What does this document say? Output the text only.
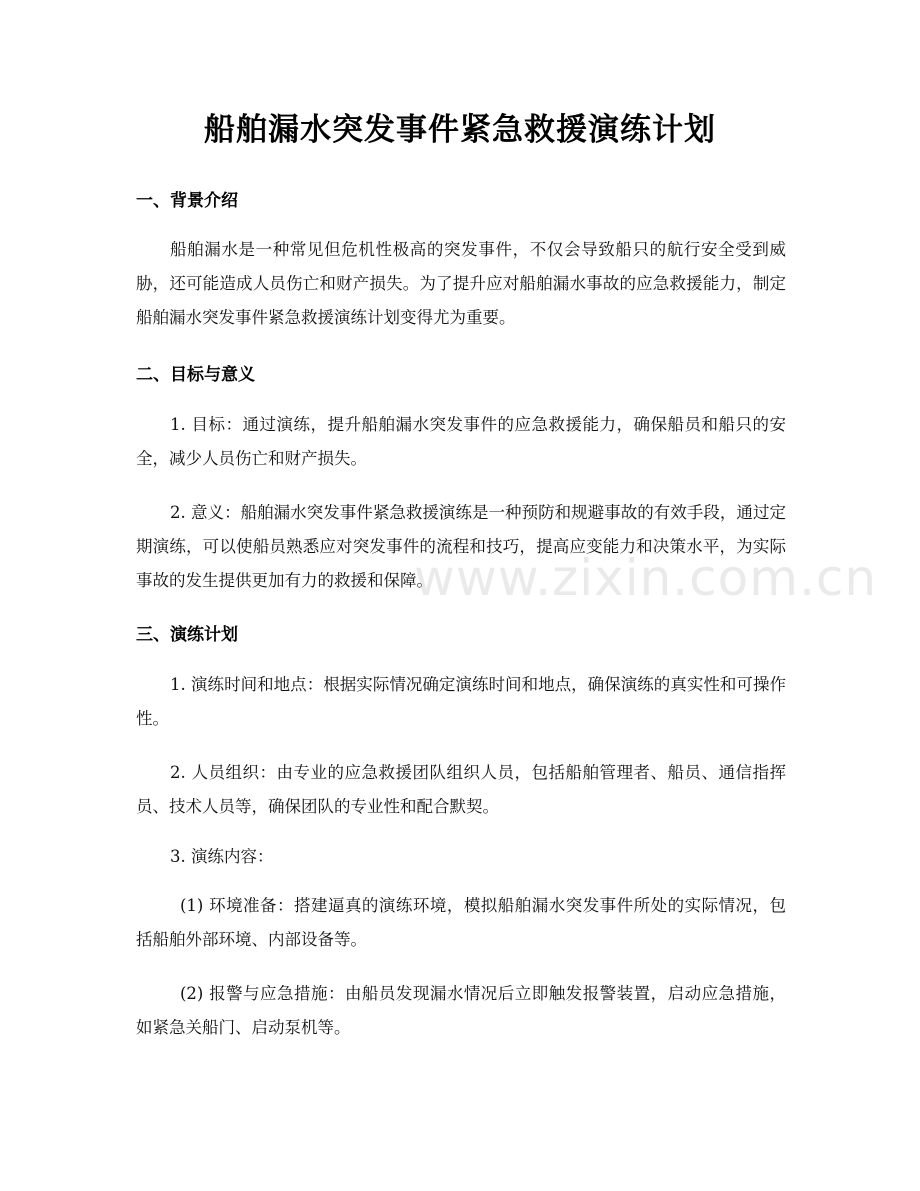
船舶漏水突发事件紧急救援演练计划
一、背景介绍

船舶漏水是一种常见但危机性极高的突发事件，不仅会导致船只的航行安全受到威胁，还可能造成人员伤亡和财产损失。为了提升应对船舶漏水事故的应急救援能力，制定船舶漏水突发事件紧急救援演练计划变得尤为重要。

二、目标与意义

1. 目标：通过演练，提升船舶漏水突发事件的应急救援能力，确保船员和船只的安全，减少人员伤亡和财产损失。

2. 意义：船舶漏水突发事件紧急救援演练是一种预防和规避事故的有效手段，通过定期演练，可以使船员熟悉应对突发事件的流程和技巧，提高应变能力和决策水平，为实际事故的发生提供更加有力的救援和保障。

三、演练计划

1. 演练时间和地点：根据实际情况确定演练时间和地点，确保演练的真实性和可操作性。

2. 人员组织：由专业的应急救援团队组织人员，包括船舶管理者、船员、通信指挥员、技术人员等，确保团队的专业性和配合默契。

3. 演练内容：

(1) 环境准备：搭建逼真的演练环境，模拟船舶漏水突发事件所处的实际情况，包括船舶外部环境、内部设备等。

(2) 报警与应急措施：由船员发现漏水情况后立即触发报警装置，启动应急措施，如紧急关船门、启动泵机等。

www.zixin.com.cn
